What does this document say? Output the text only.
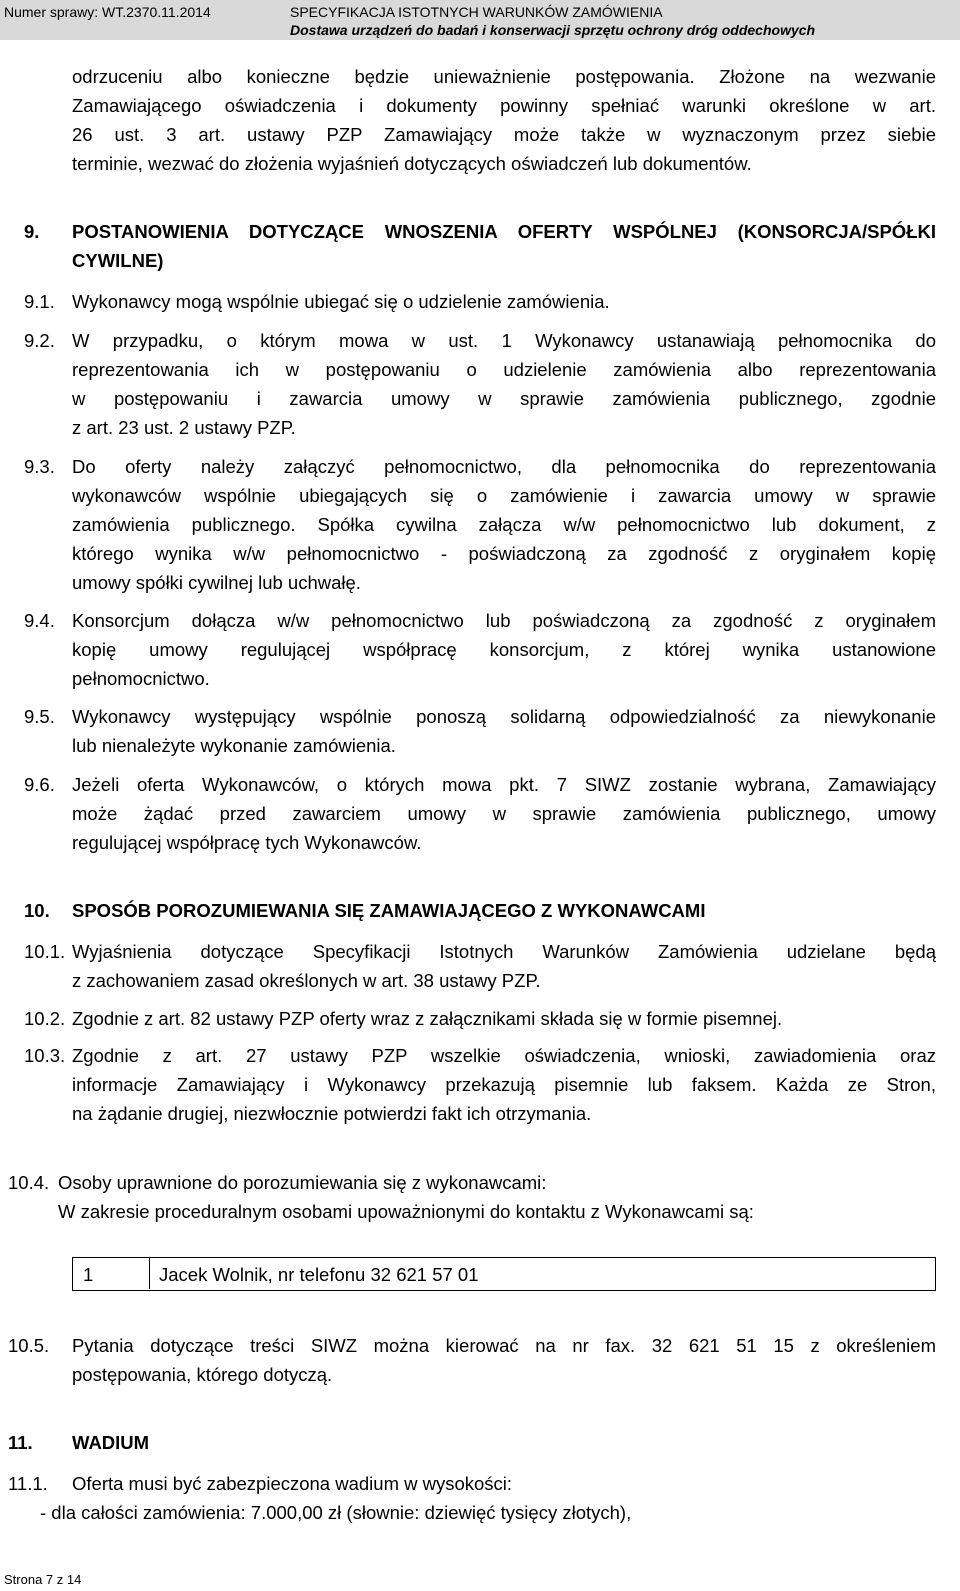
Numer sprawy: WT.2370.11.2014	SPECYFIKACJA ISTOTNYCH WARUNKÓW ZAMÓWIENIA
Dostawa urządzeń do badań i konserwacji sprzętu ochrony dróg oddechowych
odrzuceniu albo konieczne będzie unieważnienie postępowania. Złożone na wezwanie
Zamawiającego oświadczenia i dokumenty powinny spełniać warunki określone w art.
26 ust. 3 art. ustawy PZP Zamawiający może także w wyznaczonym przez siebie
terminie, wezwać do złożenia wyjaśnień dotyczących oświadczeń lub dokumentów.
9. POSTANOWIENIA DOTYCZĄCE WNOSZENIA OFERTY WSPÓLNEJ (KONSORCJA/SPÓŁKI
CYWILNE)
9.1. Wykonawcy mogą wspólnie ubiegać się o udzielenie zamówienia.
9.2. W przypadku, o którym mowa w ust. 1 Wykonawcy ustanawiają pełnomocnika do
reprezentowania ich w postępowaniu o udzielenie zamówienia albo reprezentowania
w postępowaniu i zawarcia umowy w sprawie zamówienia publicznego, zgodnie
z art. 23 ust. 2 ustawy PZP.
9.3. Do oferty należy załączyć pełnomocnictwo, dla pełnomocnika do reprezentowania
wykonawców wspólnie ubiegających się o zamówienie i zawarcia umowy w sprawie
zamówienia publicznego. Spółka cywilna załącza w/w pełnomocnictwo lub dokument, z
którego wynika w/w pełnomocnictwo - poświadczoną za zgodność z oryginałem kopię
umowy spółki cywilnej lub uchwałę.
9.4. Konsorcjum dołącza w/w pełnomocnictwo lub poświadczoną za zgodność z oryginałem
kopię umowy regulującej współpracę konsorcjum, z której wynika ustanowione
pełnomocnictwo.
9.5. Wykonawcy występujący wspólnie ponoszą solidarną odpowiedzialność za niewykonanie
lub nienależyte wykonanie zamówienia.
9.6. Jeżeli oferta Wykonawców, o których mowa pkt. 7 SIWZ zostanie wybrana, Zamawiający
może żądać przed zawarciem umowy w sprawie zamówienia publicznego, umowy
regulującej współpracę tych Wykonawców.
10. SPOSÓB POROZUMIEWANIA SIĘ ZAMAWIAJĄCEGO Z WYKONAWCAMI
10.1. Wyjaśnienia dotyczące Specyfikacji Istotnych Warunków Zamówienia udzielane będą
z zachowaniem zasad określonych w art. 38 ustawy PZP.
10.2. Zgodnie z art. 82 ustawy PZP oferty wraz z załącznikami składa się w formie pisemnej.
10.3. Zgodnie z art. 27 ustawy PZP wszelkie oświadczenia, wnioski, zawiadomienia oraz
informacje Zamawiający i Wykonawcy przekazują pisemnie lub faksem. Każda ze Stron,
na żądanie drugiej, niezwłocznie potwierdzi fakt ich otrzymania.
10.4. Osoby uprawnione do porozumiewania się z wykonawcami:
W zakresie proceduralnym osobami upoważnionymi do kontaktu z Wykonawcami są:
1	Jacek Wolnik, nr telefonu 32 621 57 01
10.5. Pytania dotyczące treści SIWZ można kierować na nr fax. 32 621 51 15 z określeniem
postępowania, którego dotyczą.
11. WADIUM
11.1. Oferta musi być zabezpieczona wadium w wysokości:
- dla całości zamówienia: 7.000,00 zł (słownie: dziewięć tysięcy złotych),
Strona 7 z 14
